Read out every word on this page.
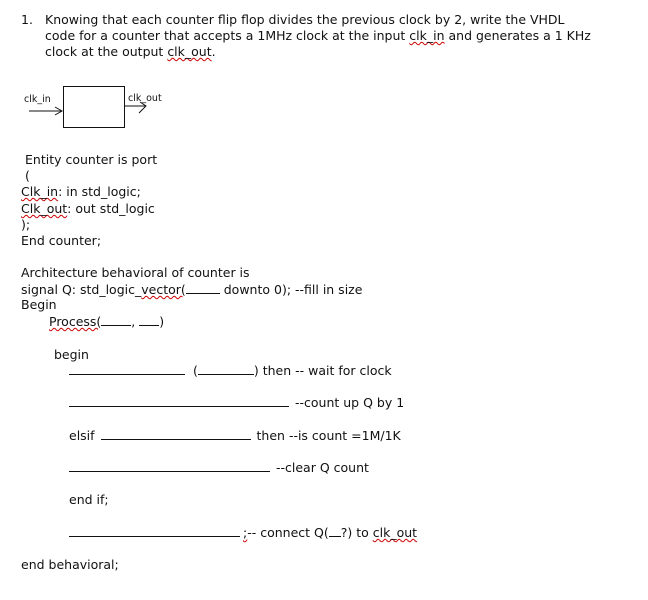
1. Knowing that each counter flip flop divides the previous clock by 2, write the VHDL
code for a counter that accepts a 1MHz clock at the input clk_in and generates a 1 KHz
clock at the output clk_out.
clk_in	clk_out
Entity counter is port
(
Clk_in: in std_logic;
Clk_out: out std_logic
);
End counter;
Architecture behavioral of counter is
signal Q: std_logic_vector(	downto 0); --fill in size
Begin
Process( , )
begin
(	) then -- wait for clock
--count up Q by 1
elsif	then --is count =1M/1K
--clear Q count
end if;
;-- connect Q( ?) to clk_out
end behavioral;
